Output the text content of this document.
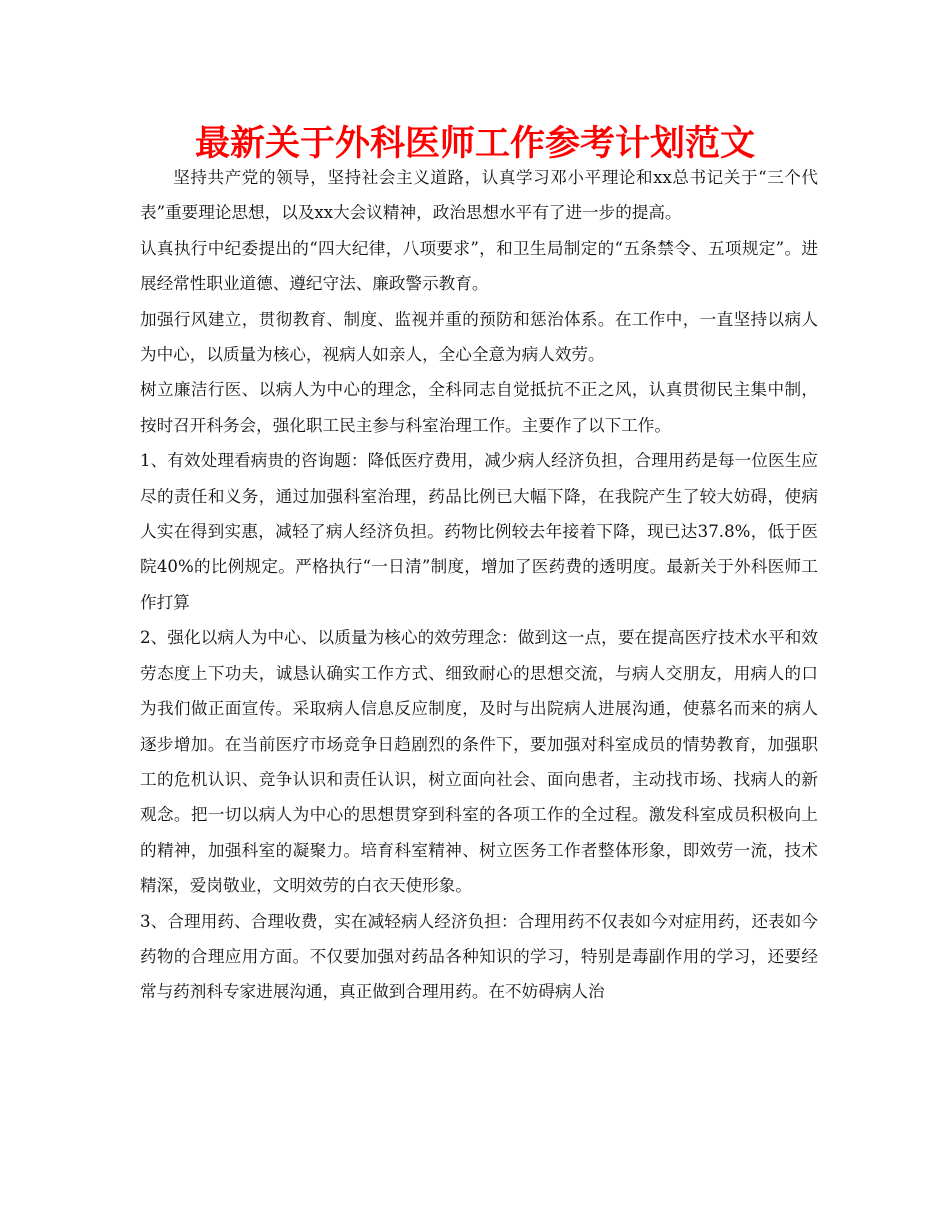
最新关于外科医师工作参考计划范文

坚持共产党的领导，坚持社会主义道路，认真学习邓小平理论和xx总书记关于“三个代表”重要理论思想，以及xx大会议精神，政治思想水平有了进一步的提高。

认真执行中纪委提出的“四大纪律，八项要求”，和卫生局制定的“五条禁令、五项规定”。进展经常性职业道德、遵纪守法、廉政警示教育。

加强行风建立，贯彻教育、制度、监视并重的预防和惩治体系。在工作中，一直坚持以病人为中心，以质量为核心，视病人如亲人，全心全意为病人效劳。

树立廉洁行医、以病人为中心的理念，全科同志自觉抵抗不正之风，认真贯彻民主集中制，按时召开科务会，强化职工民主参与科室治理工作。主要作了以下工作。

1、有效处理看病贵的咨询题：降低医疗费用，减少病人经济负担，合理用药是每一位医生应尽的责任和义务，通过加强科室治理，药品比例已大幅下降，在我院产生了较大妨碍，使病人实在得到实惠，减轻了病人经济负担。药物比例较去年接着下降，现已达37.8%，低于医院40%的比例规定。严格执行“一日清”制度，增加了医药费的透明度。最新关于外科医师工作打算

2、强化以病人为中心、以质量为核心的效劳理念：做到这一点，要在提高医疗技术水平和效劳态度上下功夫，诚恳认确实工作方式、细致耐心的思想交流，与病人交朋友，用病人的口为我们做正面宣传。采取病人信息反应制度，及时与出院病人进展沟通，使慕名而来的病人逐步增加。在当前医疗市场竞争日趋剧烈的条件下，要加强对科室成员的情势教育，加强职工的危机认识、竞争认识和责任认识，树立面向社会、面向患者，主动找市场、找病人的新观念。把一切以病人为中心的思想贯穿到科室的各项工作的全过程。激发科室成员积极向上的精神，加强科室的凝聚力。培育科室精神、树立医务工作者整体形象，即效劳一流，技术精深，爱岗敬业，文明效劳的白衣天使形象。

3、合理用药、合理收费，实在减轻病人经济负担：合理用药不仅表如今对症用药，还表如今药物的合理应用方面。不仅要加强对药品各种知识的学习，特别是毒副作用的学习，还要经常与药剂科专家进展沟通，真正做到合理用药。在不妨碍病人治
